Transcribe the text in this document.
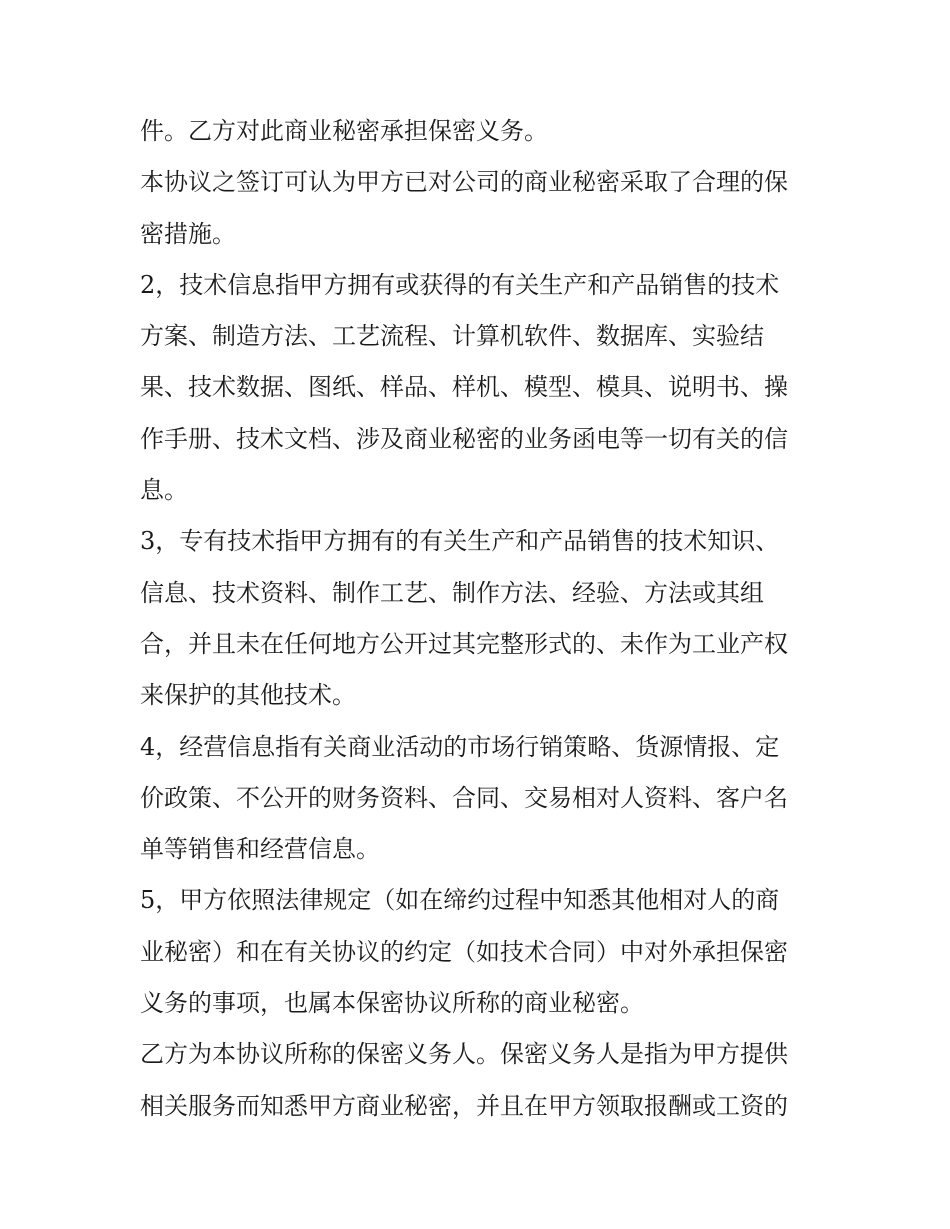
件。乙方对此商业秘密承担保密义务。
本协议之签订可认为甲方已对公司的商业秘密采取了合理的保
密措施。
2，技术信息指甲方拥有或获得的有关生产和产品销售的技术
方案、制造方法、工艺流程、计算机软件、数据库、实验结
果、技术数据、图纸、样品、样机、模型、模具、说明书、操
作手册、技术文档、涉及商业秘密的业务函电等一切有关的信
息。
3，专有技术指甲方拥有的有关生产和产品销售的技术知识、
信息、技术资料、制作工艺、制作方法、经验、方法或其组
合，并且未在任何地方公开过其完整形式的、未作为工业产权
来保护的其他技术。
4，经营信息指有关商业活动的市场行销策略、货源情报、定
价政策、不公开的财务资料、合同、交易相对人资料、客户名
单等销售和经营信息。
5，甲方依照法律规定（如在缔约过程中知悉其他相对人的商
业秘密）和在有关协议的约定（如技术合同）中对外承担保密
义务的事项，也属本保密协议所称的商业秘密。
乙方为本协议所称的保密义务人。保密义务人是指为甲方提供
相关服务而知悉甲方商业秘密，并且在甲方领取报酬或工资的
